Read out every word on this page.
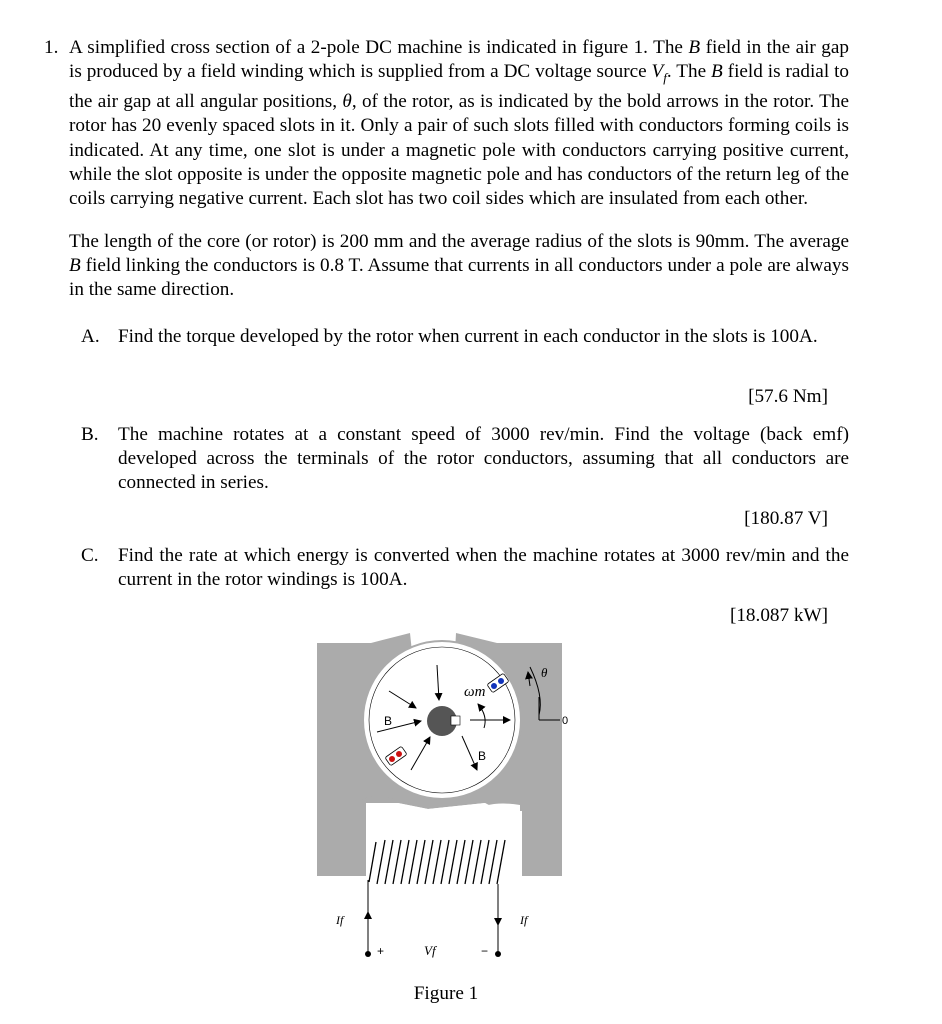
1. A simplified cross section of a 2-pole DC machine is indicated in figure 1. The B field in the air gap is produced by a field winding which is supplied from a DC voltage source $V_f$. The B field is radial to the air gap at all angular positions, θ, of the rotor, as is indicated by the bold arrows in the rotor. The rotor has 20 evenly spaced slots in it. Only a pair of such slots filled with conductors forming coils is indicated. At any time, one slot is under a magnetic pole with conductors carrying positive current, while the slot opposite is under the opposite magnetic pole and has conductors of the return leg of the coils carrying negative current. Each slot has two coil sides which are insulated from each other.
The length of the core (or rotor) is 200 mm and the average radius of the slots is 90mm. The average B field linking the conductors is 0.8 T. Assume that currents in all conductors under a pole are always in the same direction.
A. Find the torque developed by the rotor when current in each conductor in the slots is 100A.
[57.6 Nm]
B. The machine rotates at a constant speed of 3000 rev/min. Find the voltage (back emf) developed across the terminals of the rotor conductors, assuming that all conductors are connected in series.
[180.87 V]
C. Find the rate at which energy is converted when the machine rotates at 3000 rev/min and the current in the rotor windings is 100A.
[18.087 kW]
B
B
ωm
θ
0
If	If
+	−
Vf
Figure 1
